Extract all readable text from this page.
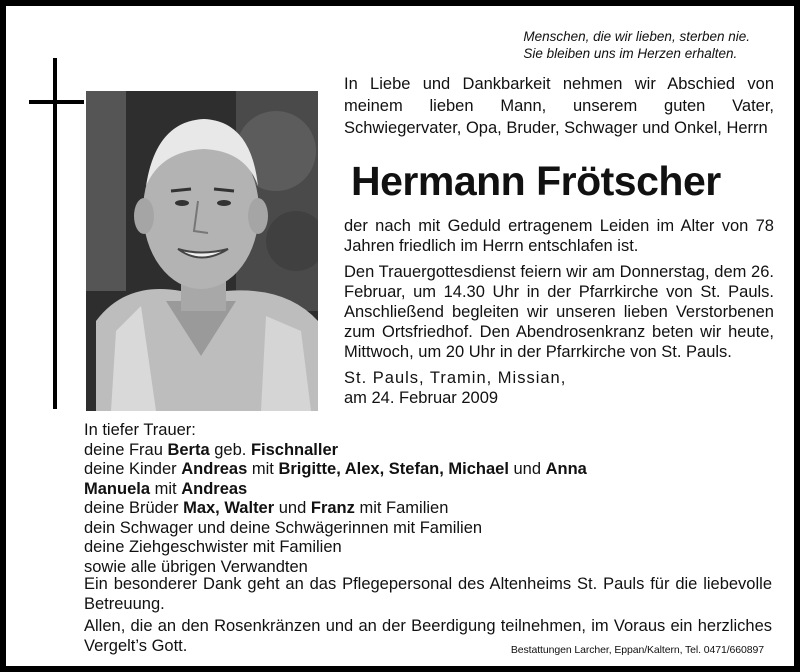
Menschen, die wir lieben, sterben nie.
Sie bleiben uns im Herzen erhalten.
In Liebe und Dankbarkeit nehmen wir Abschied von meinem lieben Mann, unserem guten Vater, Schwiegervater, Opa, Bruder, Schwager und Onkel, Herrn
Hermann Frötscher

der nach mit Geduld ertragenem Leiden im Alter von 78 Jahren friedlich im Herrn entschlafen ist.

Den Trauergottesdienst feiern wir am Donnerstag, dem 26. Februar, um 14.30 Uhr in der Pfarrkirche von St. Pauls. Anschließend begleiten wir unseren lieben Verstorbenen zum Ortsfriedhof. Den Abendrosenkranz beten wir heute, Mittwoch, um 20 Uhr in der Pfarrkirche von St. Pauls.

St. Pauls, Tramin, Missian,
am 24. Februar 2009

In tiefer Trauer:
deine Frau Berta geb. Fischnaller
deine Kinder Andreas mit Brigitte, Alex, Stefan, Michael und Anna
Manuela mit Andreas
deine Brüder Max, Walter und Franz mit Familien
dein Schwager und deine Schwägerinnen mit Familien
deine Ziehgeschwister mit Familien
sowie alle übrigen Verwandten

Ein besonderer Dank geht an das Pflegepersonal des Altenheims St. Pauls für die liebevolle Betreuung.

Allen, die an den Rosenkränzen und an der Beerdigung teilnehmen, im Voraus ein herzliches Vergelt’s Gott.	Bestattungen Larcher, Eppan/Kaltern, Tel. 0471/660897
